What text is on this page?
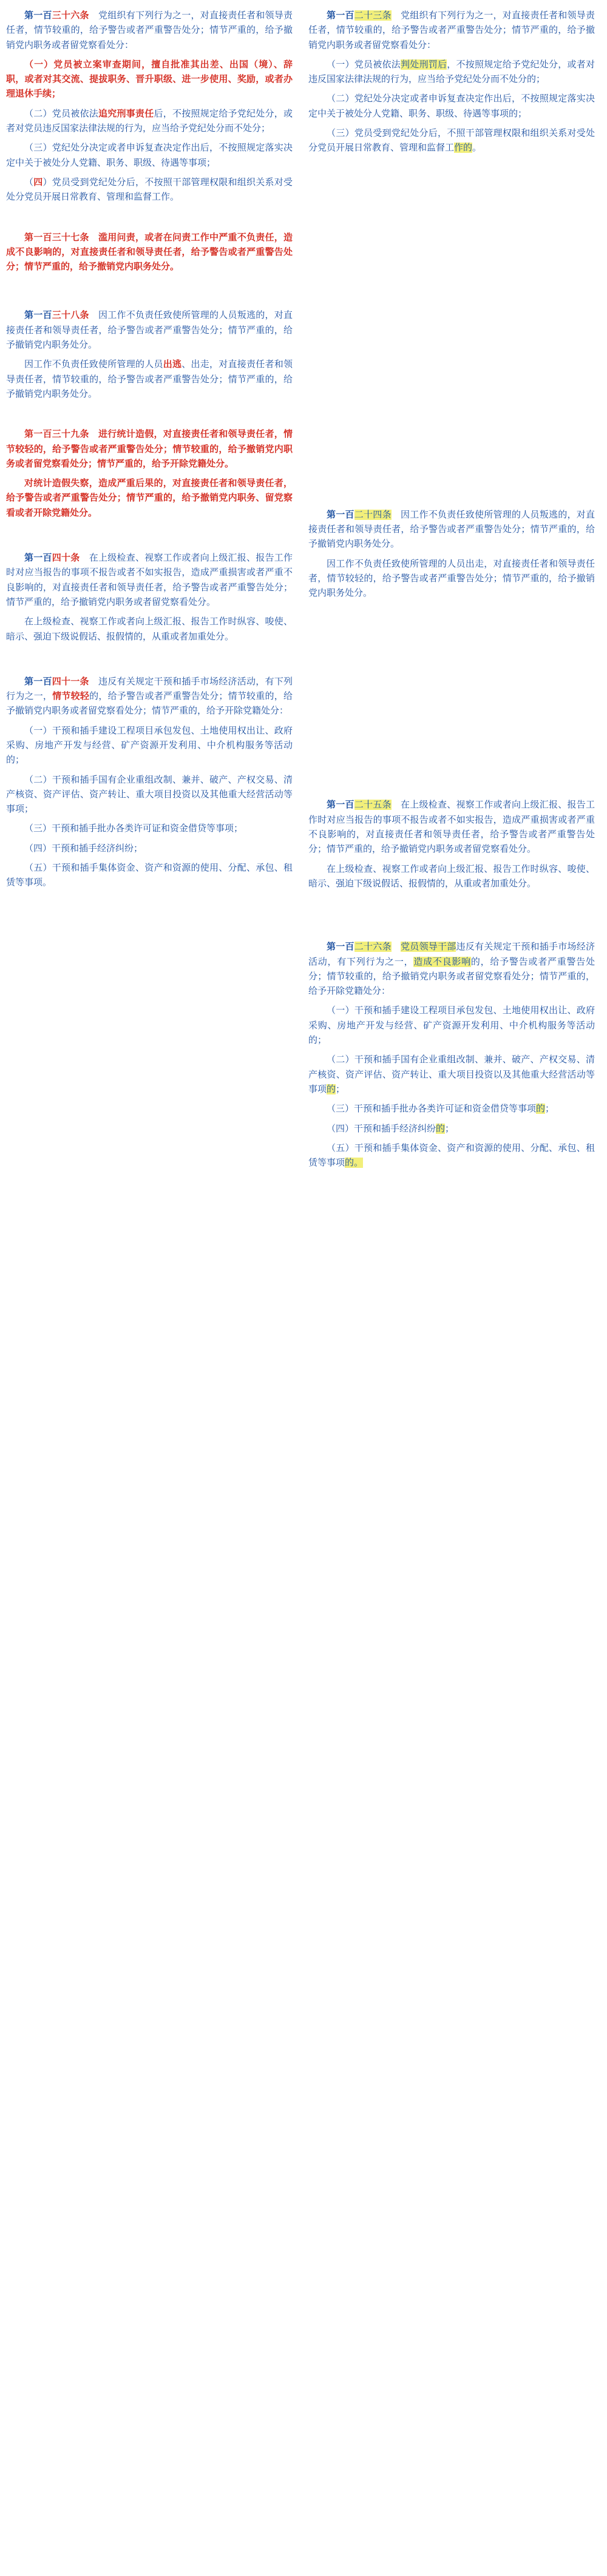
第一百三十六条　党组织有下列行为之一，对直接责任者和领导责任者，情节较重的，给予警告或者严重警告处分；情节严重的，给予撤销党内职务或者留党察看处分：

（一）党员被立案审查期间，擅自批准其出差、出国（境）、辞职，或者对其交流、提拔职务、晋升职级、进一步使用、奖励，或者办理退休手续；

（二）党员被依法追究刑事责任后，不按照规定给予党纪处分，或者对党员违反国家法律法规的行为，应当给予党纪处分而不处分；

（三）党纪处分决定或者申诉复查决定作出后，不按照规定落实决定中关于被处分人党籍、职务、职级、待遇等事项；

（四）党员受到党纪处分后，不按照干部管理权限和组织关系对受处分党员开展日常教育、管理和监督工作。

第一百三十七条　滥用问责，或者在问责工作中严重不负责任，造成不良影响的，对直接责任者和领导责任者，给予警告或者严重警告处分；情节严重的，给予撤销党内职务处分。

第一百三十八条　因工作不负责任致使所管理的人员叛逃的，对直接责任者和领导责任者，给予警告或者严重警告处分；情节严重的，给予撤销党内职务处分。

因工作不负责任致使所管理的人员出逃、出走，对直接责任者和领导责任者，情节较重的，给予警告或者严重警告处分；情节严重的，给予撤销党内职务处分。

第一百三十九条　进行统计造假，对直接责任者和领导责任者，情节较轻的，给予警告或者严重警告处分；情节较重的，给予撤销党内职务或者留党察看处分；情节严重的，给予开除党籍处分。

对统计造假失察，造成严重后果的，对直接责任者和领导责任者，给予警告或者严重警告处分；情节严重的，给予撤销党内职务、留党察看或者开除党籍处分。

第一百四十条　在上级检查、视察工作或者向上级汇报、报告工作时对应当报告的事项不报告或者不如实报告，造成严重损害或者严重不良影响的，对直接责任者和领导责任者，给予警告或者严重警告处分；情节严重的，给予撤销党内职务或者留党察看处分。

在上级检查、视察工作或者向上级汇报、报告工作时纵容、唆使、暗示、强迫下级说假话、报假情的，从重或者加重处分。

第一百四十一条　违反有关规定干预和插手市场经济活动，有下列行为之一，情节较轻的，给予警告或者严重警告处分；情节较重的，给予撤销党内职务或者留党察看处分；情节严重的，给予开除党籍处分：

（一）干预和插手建设工程项目承包发包、土地使用权出让、政府采购、房地产开发与经营、矿产资源开发利用、中介机构服务等活动的；

（二）干预和插手国有企业重组改制、兼并、破产、产权交易、清产核资、资产评估、资产转让、重大项目投资以及其他重大经营活动等事项；

（三）干预和插手批办各类许可证和资金借贷等事项；

（四）干预和插手经济纠纷；

（五）干预和插手集体资金、资产和资源的使用、分配、承包、租赁等事项。

第一百二十三条　党组织有下列行为之一，对直接责任者和领导责任者，情节较重的，给予警告或者严重警告处分；情节严重的，给予撤销党内职务或者留党察看处分：

（一）党员被依法判处刑罚后，不按照规定给予党纪处分，或者对违反国家法律法规的行为，应当给予党纪处分而不处分的；

（二）党纪处分决定或者申诉复查决定作出后，不按照规定落实决定中关于被处分人党籍、职务、职级、待遇等事项的；

（三）党员受到党纪处分后，不照干部管理权限和组织关系对受处分党员开展日常教育、管理和监督工作的。

第一百二十四条　因工作不负责任致使所管理的人员叛逃的，对直接责任者和领导责任者，给予警告或者严重警告处分；情节严重的，给予撤销党内职务处分。

因工作不负责任致使所管理的人员出走，对直接责任者和领导责任者，情节较轻的，给予警告或者严重警告处分；情节严重的，给予撤销党内职务处分。

第一百二十五条　在上级检查、视察工作或者向上级汇报、报告工作时对应当报告的事项不报告或者不如实报告，造成严重损害或者严重不良影响的，对直接责任者和领导责任者，给予警告或者严重警告处分；情节严重的，给予撤销党内职务或者留党察看处分。

在上级检查、视察工作或者向上级汇报、报告工作时纵容、唆使、暗示、强迫下级说假话、报假情的，从重或者加重处分。

第一百二十六条　 党员领导干部违反有关规定干预和插手市场经济活动，有下列行为之一，造成不良影响的，给予警告或者严重警告处分；情节较重的，给予撤销党内职务或者留党察看处分；情节严重的，给予开除党籍处分：

（一）干预和插手建设工程项目承包发包、土地使用权出让、政府采购、房地产开发与经营、矿产资源开发利用、中介机构服务等活动的；

（二）干预和插手国有企业重组改制、兼并、破产、产权交易、清产核资、资产评估、资产转让、重大项目投资以及其他重大经营活动等事项的；

（三）干预和插手批办各类许可证和资金借贷等事项的；

（四）干预和插手经济纠纷的；

（五）干预和插手集体资金、资产和资源的使用、分配、承包、租赁等事项的。
